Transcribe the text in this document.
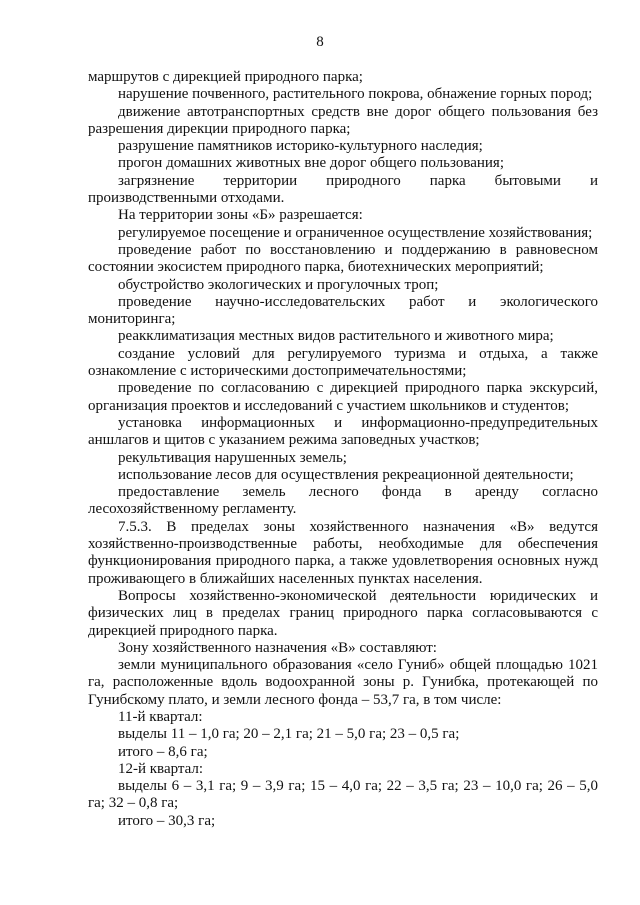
8

маршрутов с дирекцией природного парка;

нарушение почвенного, растительного покрова, обнажение горных пород;

движение автотранспортных средств вне дорог общего пользования без разрешения дирекции природного парка;

разрушение памятников историко-культурного наследия;

прогон домашних животных вне дорог общего пользования;

загрязнение территории природного парка бытовыми и производственными отходами.

На территории зоны «Б» разрешается:

регулируемое посещение и ограниченное осуществление хозяйствования;

проведение работ по восстановлению и поддержанию в равновесном состоянии экосистем природного парка, биотехнических мероприятий;

обустройство экологических и прогулочных троп;

проведение научно-исследовательских работ и экологического мониторинга;

реакклиматизация местных видов растительного и животного мира;

создание условий для регулируемого туризма и отдыха, а также ознакомление с историческими достопримечательностями;

проведение по согласованию с дирекцией природного парка экскурсий, организация проектов и исследований с участием школьников и студентов;

установка информационных и информационно-предупредительных аншлагов и щитов с указанием режима заповедных участков;

рекультивация нарушенных земель;

использование лесов для осуществления рекреационной деятельности;

предоставление земель лесного фонда в аренду согласно лесохозяйственному регламенту.

7.5.3. В пределах зоны хозяйственного назначения «В» ведутся хозяйственно-производственные работы, необходимые для обеспечения функционирования природного парка, а также удовлетворения основных нужд проживающего в ближайших населенных пунктах населения.

Вопросы хозяйственно-экономической деятельности юридических и физических лиц в пределах границ природного парка согласовываются с дирекцией природного парка.

Зону хозяйственного назначения «В» составляют:

земли муниципального образования «село Гуниб» общей площадью 1021 га, расположенные вдоль водоохранной зоны р. Гунибка, протекающей по Гунибскому плато, и земли лесного фонда – 53,7 га, в том числе:

11-й квартал:

выделы 11 – 1,0 га; 20 – 2,1 га; 21 – 5,0 га; 23 – 0,5 га;

итого – 8,6 га;

12-й квартал:

выделы 6 – 3,1 га; 9 – 3,9 га; 15 – 4,0 га; 22 – 3,5 га; 23 – 10,0 га; 26 – 5,0 га; 32 – 0,8 га;

итого – 30,3 га;
